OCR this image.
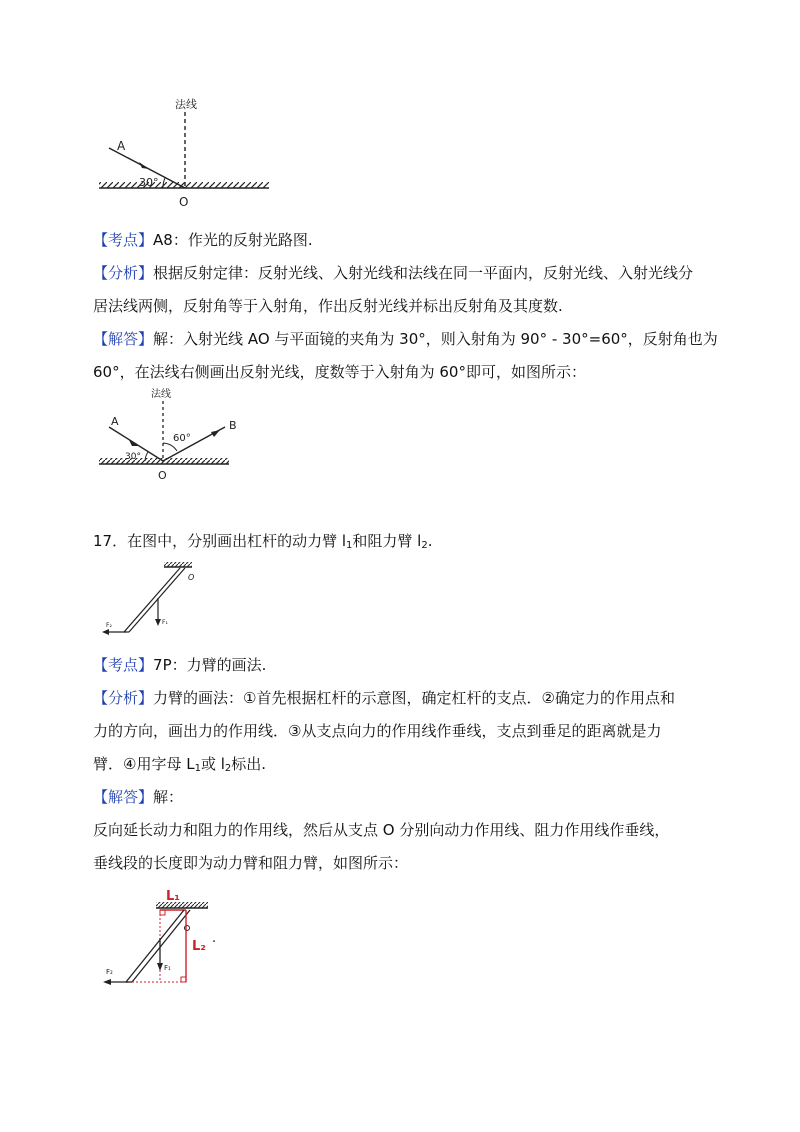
法线
A
30°
O
【考点】A8：作光的反射光路图.
【分析】根据反射定律：反射光线、入射光线和法线在同一平面内，反射光线、入射光线分
居法线两侧，反射角等于入射角，作出反射光线并标出反射角及其度数.
【解答】解：入射光线 AO 与平面镜的夹角为 30°，则入射角为 90° - 30°=60°，反射角也为
60°，在法线右侧画出反射光线，度数等于入射角为 60°即可，如图所示：
法线
A	B
30°
60°
O
17．在图中，分别画出杠杆的动力臂 $l_1$和阻力臂 $l_2$.
O
F₁
F₂
【考点】7P：力臂的画法.
【分析】力臂的画法：①首先根据杠杆的示意图，确定杠杆的支点．②确定力的作用点和
力的方向，画出力的作用线．③从支点向力的作用线作垂线，支点到垂足的距离就是力
臂．④用字母 $L_1$或 $l_2$标出.
【解答】解：
反向延长动力和阻力的作用线，然后从支点 O 分别向动力作用线、阻力作用线作垂线，
垂线段的长度即为动力臂和阻力臂，如图所示：
L₁
L₂
.
F₁
F₂
